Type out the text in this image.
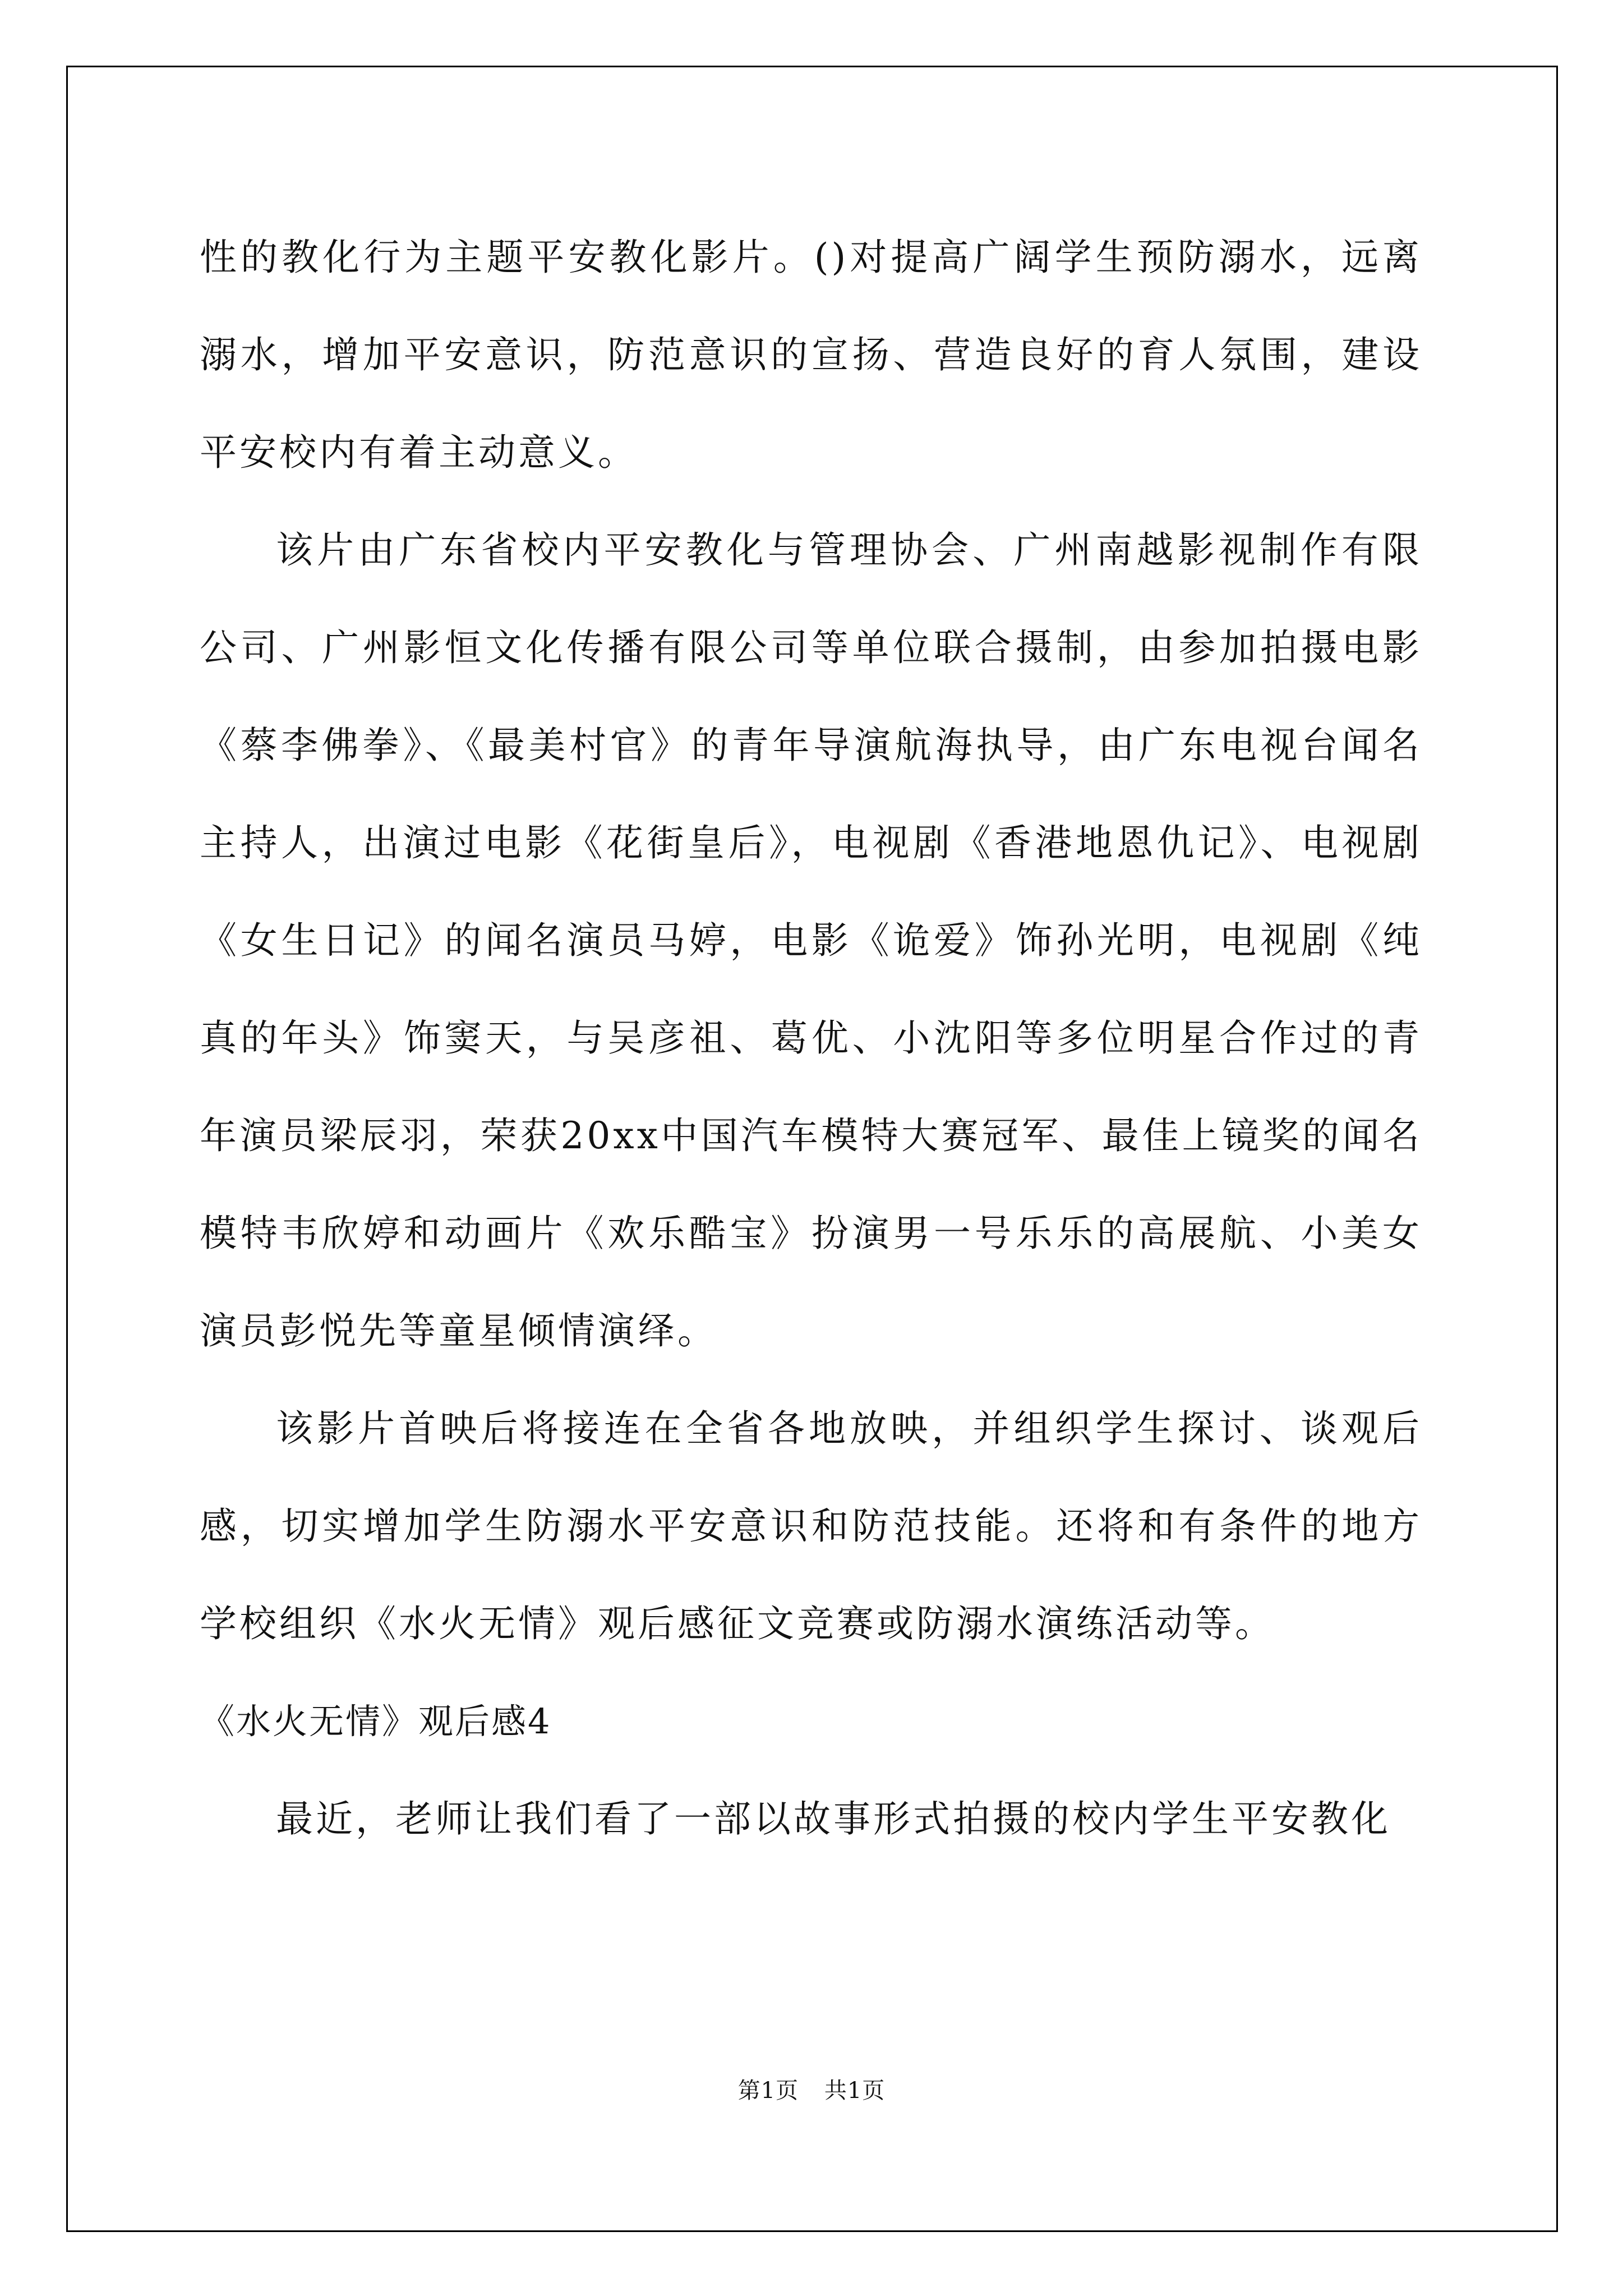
性的教化行为主题平安教化影片。()对提高广阔学生预防溺水，远离溺水，增加平安意识，防范意识的宣扬、营造良好的育人氛围，建设平安校内有着主动意义。

该片由广东省校内平安教化与管理协会、广州南越影视制作有限公司、广州影恒文化传播有限公司等单位联合摄制，由参加拍摄电影《蔡李佛拳》、《最美村官》的青年导演航海执导，由广东电视台闻名主持人，出演过电影《花街皇后》，电视剧《香港地恩仇记》、电视剧《女生日记》的闻名演员马婷，电影《诡爱》饰孙光明，电视剧《纯真的年头》饰窦天，与吴彦祖、葛优、小沈阳等多位明星合作过的青年演员梁辰羽，荣获20xx中国汽车模特大赛冠军、最佳上镜奖的闻名模特韦欣婷和动画片《欢乐酷宝》扮演男一号乐乐的高展航、小美女演员彭悦先等童星倾情演绎。

该影片首映后将接连在全省各地放映，并组织学生探讨、谈观后感，切实增加学生防溺水平安意识和防范技能。还将和有条件的地方学校组织《水火无情》观后感征文竞赛或防溺水演练活动等。

《水火无情》观后感4

最近，老师让我们看了一部以故事形式拍摄的校内学生平安教化

第1页 共1页
